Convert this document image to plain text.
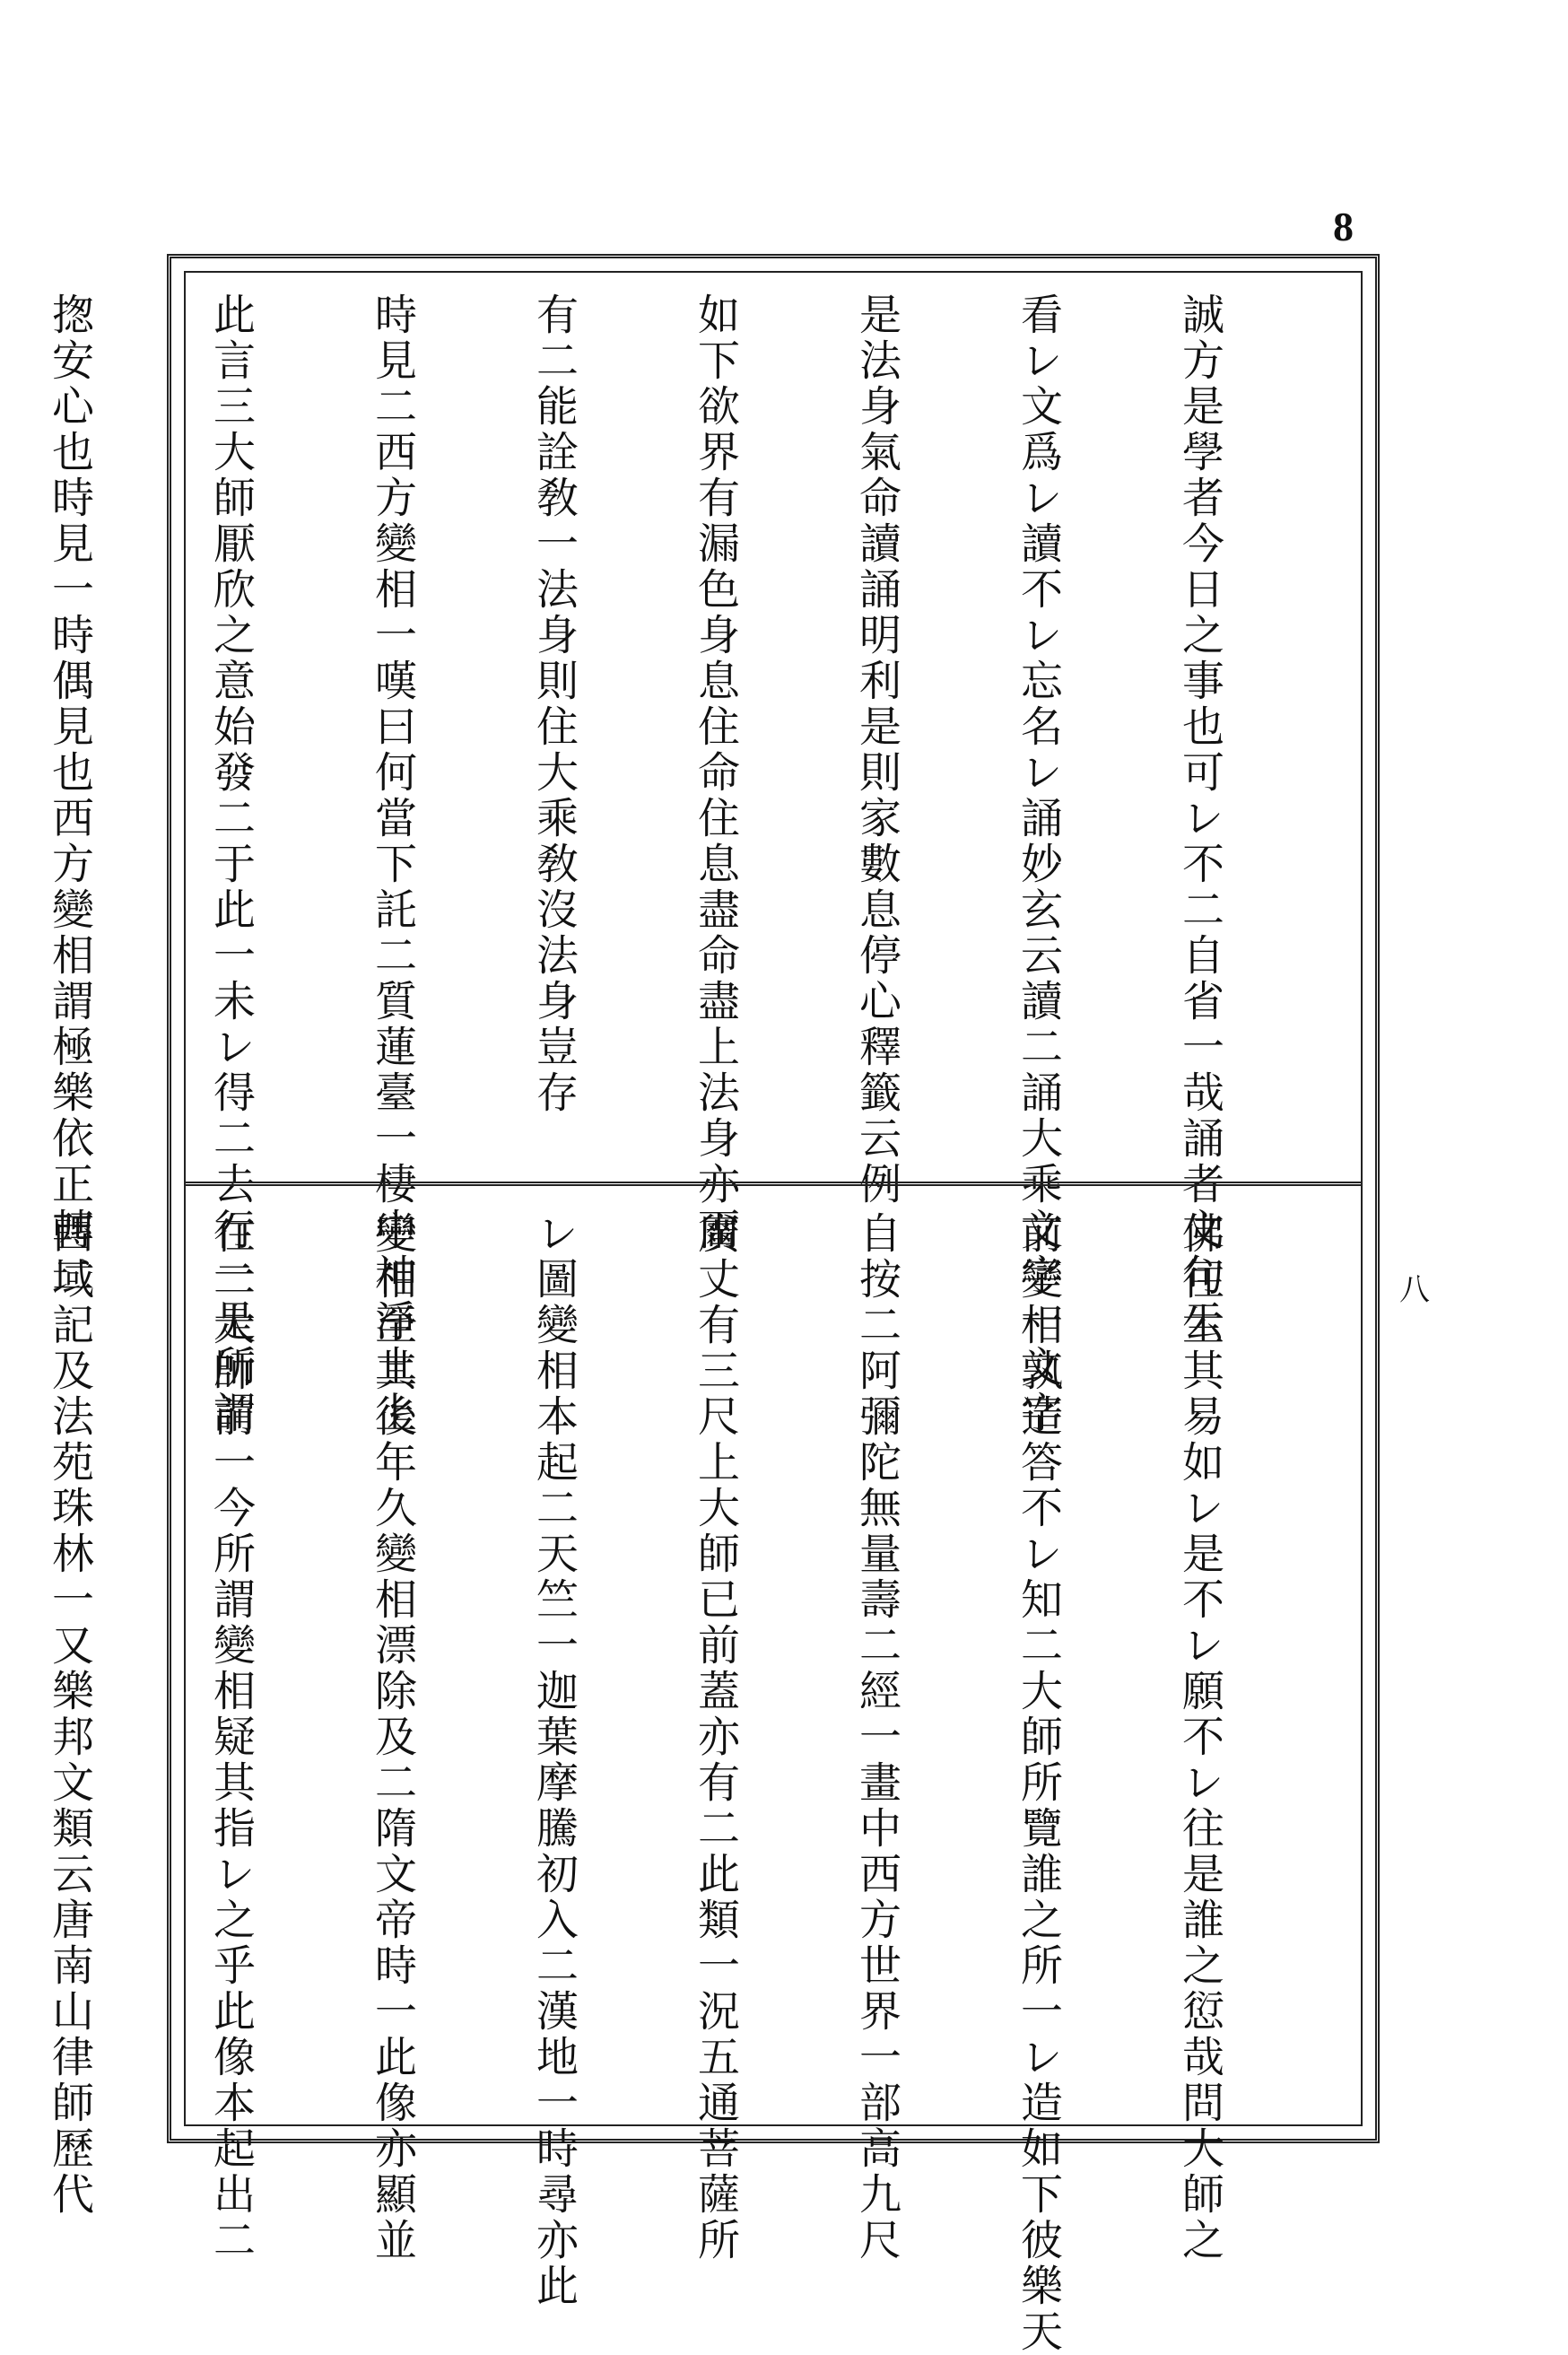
8
八

誠方是學者今日之事也可レ不二自省一哉誦者文句云

看レ文爲レ讀不レ忘名レ誦妙玄云讀二誦大乘文字一文字

是法身氣命讀誦明利是則家數息停心釋籤云例

如下欲界有漏色身息住命住息盡命盡上法身亦爾

有二能詮敎一法身則住大乘敎沒法身豈存

時見二西方變相一嘆曰何當下託二質蓮臺一棲中神淨土上

此言三大師厭欣之意始發二于此一未レ得二去行一是所謂

揔安心也時見一時偶見也西方變相謂極樂依正轉二

佛往生其易如レ是不レ願不レ往是誰之愆哉問大師之

前變相孰造答不レ知二大師所覽誰之所一レ造如下彼樂天

自按二阿彌陀無量壽二經一畫中西方世界一部高九尺

廣丈有三尺上大師已前蓋亦有二此類一況五通菩薩所

レ圖變相本起二天竺一迦葉摩騰初入二漢地一時尋亦此

變相至其後年久變相漂除及二隋文帝時一此像亦顯並

在二大師前一今所謂變相疑其指レ之乎此像本起出二

西域記及法苑珠林一又樂邦文類云唐南山律師歷代
